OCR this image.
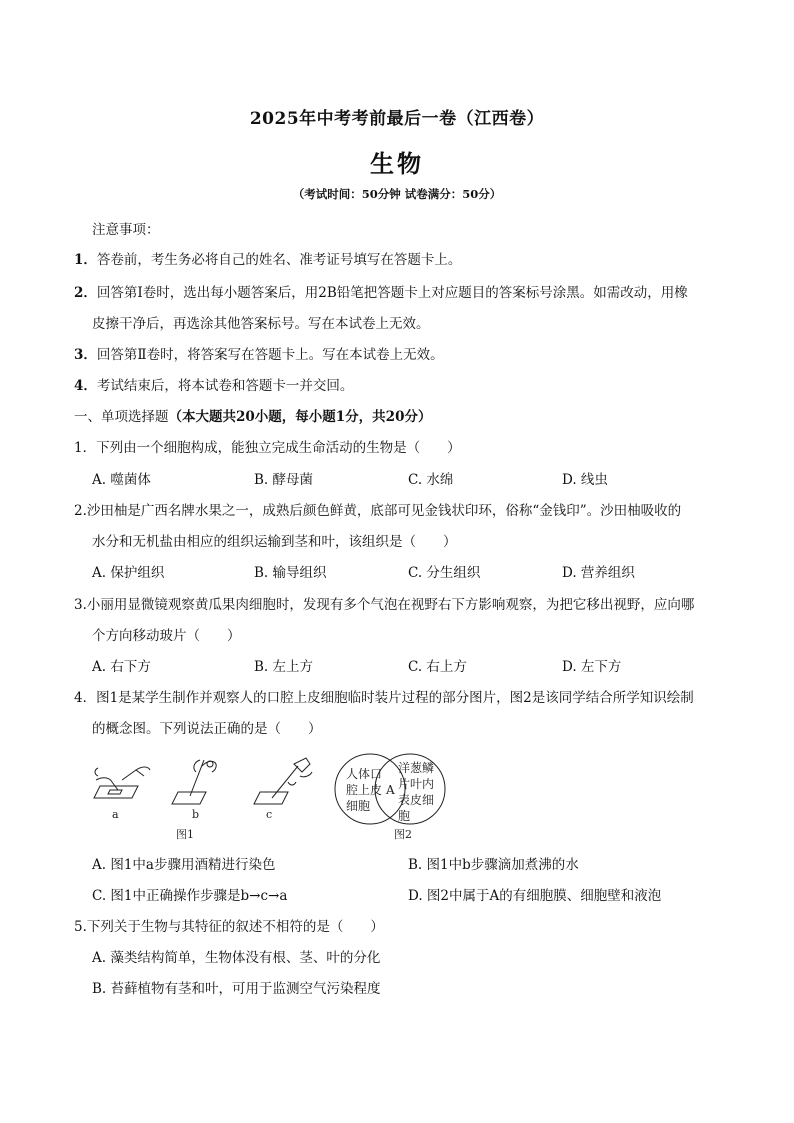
2025年中考考前最后一卷（江西卷）
生物
（考试时间：50分钟 试卷满分：50分）
注意事项：
1．答卷前，考生务必将自己的姓名、准考证号填写在答题卡上。
2．回答第Ⅰ卷时，选出每小题答案后，用2B铅笔把答题卡上对应题目的答案标号涂黑。如需改动，用橡
皮擦干净后，再选涂其他答案标号。写在本试卷上无效。
3．回答第Ⅱ卷时，将答案写在答题卡上。写在本试卷上无效。
4．考试结束后，将本试卷和答题卡一并交回。
一、单项选择题（本大题共20小题，每小题1分，共20分）
1．下列由一个细胞构成，能独立完成生命活动的生物是（　　）
A. 噬菌体	B. 酵母菌	C. 水绵	D. 线虫
2.沙田柚是广西名牌水果之一，成熟后颜色鲜黄，底部可见金钱状印环，俗称“金钱印”。沙田柚吸收的
水分和无机盐由相应的组织运输到茎和叶，该组织是（　　）
A. 保护组织	B. 输导组织	C. 分生组织	D. 营养组织
3.小丽用显微镜观察黄瓜果肉细胞时，发现有多个气泡在视野右下方影响观察，为把它移出视野，应向哪
个方向移动玻片（　　）
A. 右下方	B. 左上方	C. 右上方	D. 左下方
4．图1是某学生制作并观察人的口腔上皮细胞临时装片过程的部分图片，图2是该同学结合所学知识绘制
的概念图。下列说法正确的是（　　）
a	b	c
图1
人体口
腔上皮
细胞
A
洋葱鳞
片叶内
表皮细
胞
图2
A. 图1中a步骤用酒精进行染色	B. 图1中b步骤滴加煮沸的水
C. 图1中正确操作步骤是b→c→a	D. 图2中属于A的有细胞膜、细胞壁和液泡
5.下列关于生物与其特征的叙述不相符的是（　　）
A. 藻类结构简单，生物体没有根、茎、叶的分化
B. 苔藓植物有茎和叶，可用于监测空气污染程度
